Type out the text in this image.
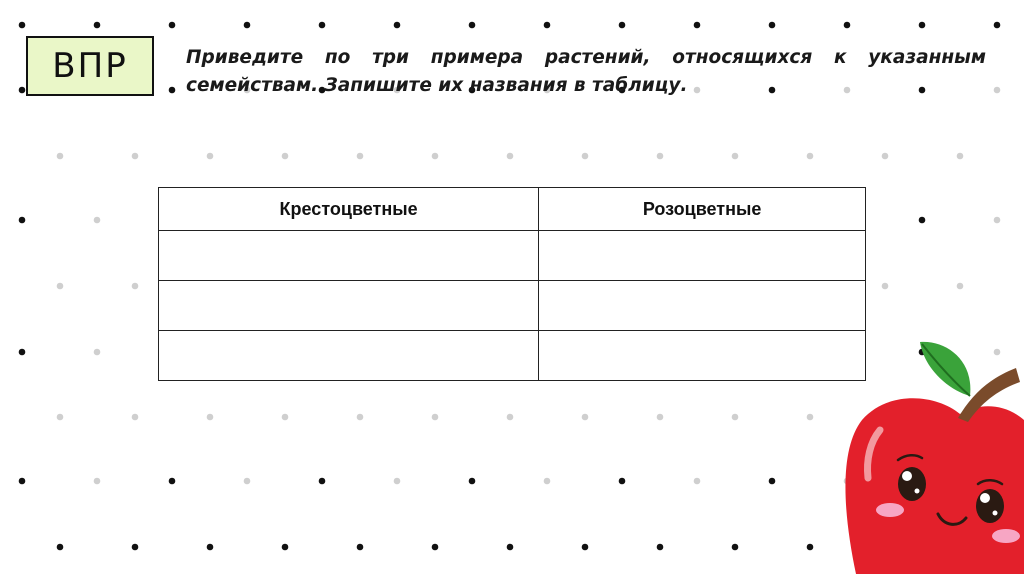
ВПР	Приведите по три примера растений, относящихся к указанным семействам. Запишите их названия в таблицу.
Крестоцветные	Розоцветные
